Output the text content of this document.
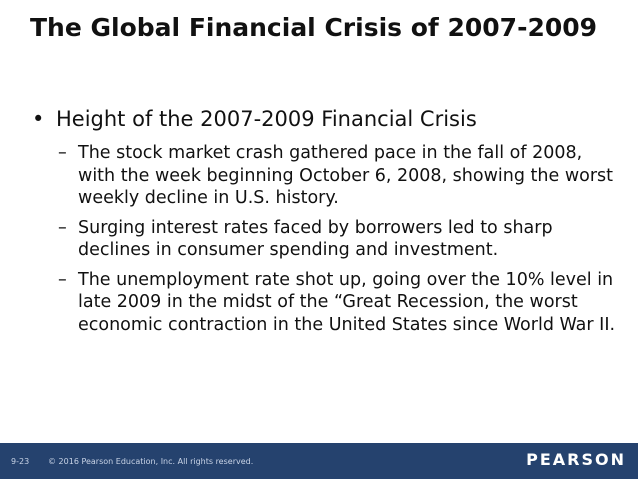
The Global Financial Crisis of 2007-2009
• Height of the 2007-2009 Financial Crisis
– The stock market crash gathered pace in the fall of 2008, with the week beginning October 6, 2008, showing the worst weekly decline in U.S. history.
– Surging interest rates faced by borrowers led to sharp declines in consumer spending and investment.
– The unemployment rate shot up, going over the 10% level in late 2009 in the midst of the “Great Recession, the worst economic contraction in the United States since World War II.
9-23 © 2016 Pearson Education, Inc. All rights reserved.	PEARSON
